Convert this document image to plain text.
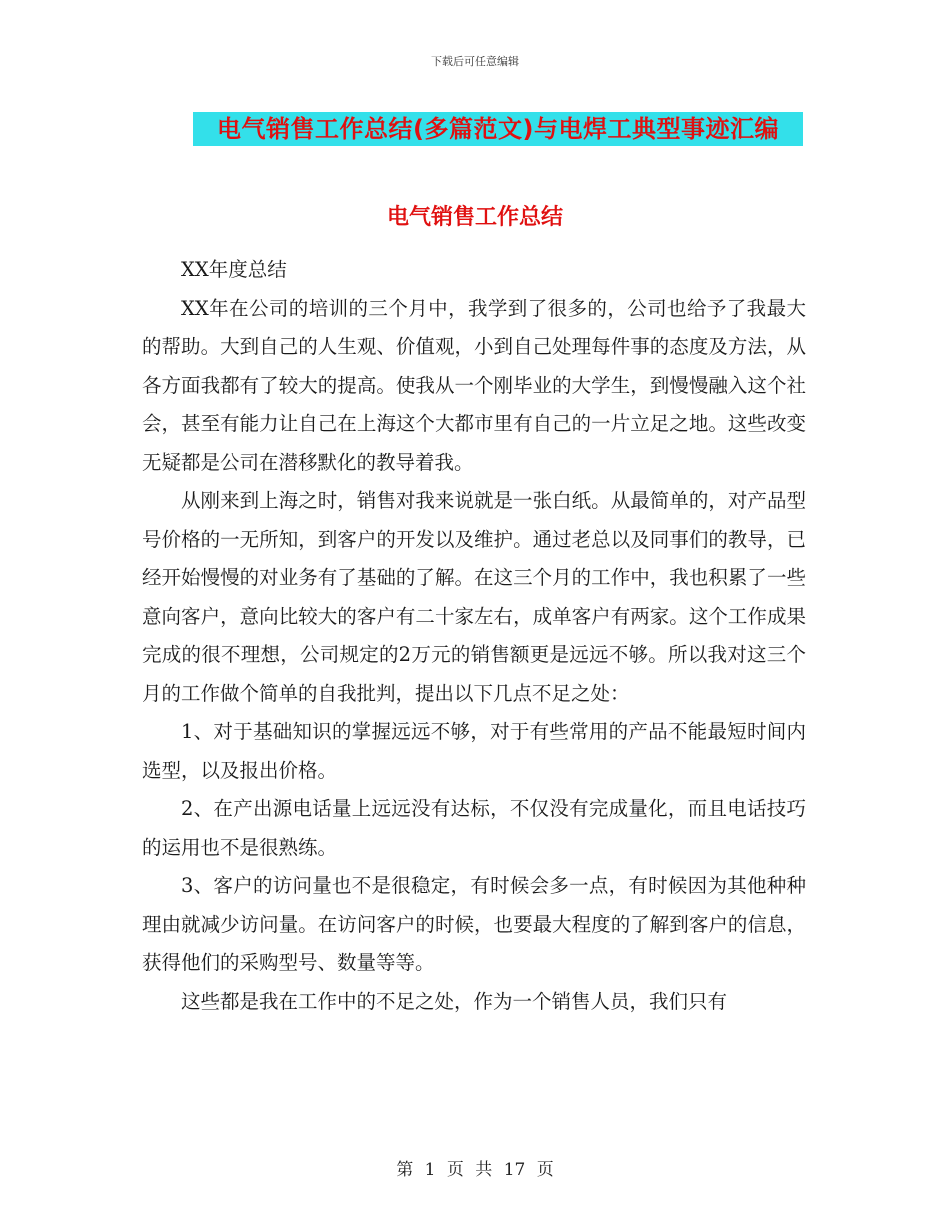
下载后可任意编辑
电气销售工作总结(多篇范文)与电焊工典型事迹汇编
电气销售工作总结

XX年度总结

XX年在公司的培训的三个月中，我学到了很多的，公司也给予了我最大的帮助。大到自己的人生观、价值观，小到自己处理每件事的态度及方法，从各方面我都有了较大的提高。使我从一个刚毕业的大学生，到慢慢融入这个社会，甚至有能力让自己在上海这个大都市里有自己的一片立足之地。这些改变无疑都是公司在潜移默化的教导着我。

从刚来到上海之时，销售对我来说就是一张白纸。从最简单的，对产品型号价格的一无所知，到客户的开发以及维护。通过老总以及同事们的教导，已经开始慢慢的对业务有了基础的了解。在这三个月的工作中，我也积累了一些意向客户，意向比较大的客户有二十家左右，成单客户有两家。这个工作成果完成的很不理想，公司规定的2万元的销售额更是远远不够。所以我对这三个月的工作做个简单的自我批判，提出以下几点不足之处：

1、对于基础知识的掌握远远不够，对于有些常用的产品不能最短时间内选型，以及报出价格。

2、在产出源电话量上远远没有达标，不仅没有完成量化，而且电话技巧的运用也不是很熟练。

3、客户的访问量也不是很稳定，有时候会多一点，有时候因为其他种种理由就减少访问量。在访问客户的时候，也要最大程度的了解到客户的信息，获得他们的采购型号、数量等等。

这些都是我在工作中的不足之处，作为一个销售人员，我们只有

第 1 页 共 17 页
